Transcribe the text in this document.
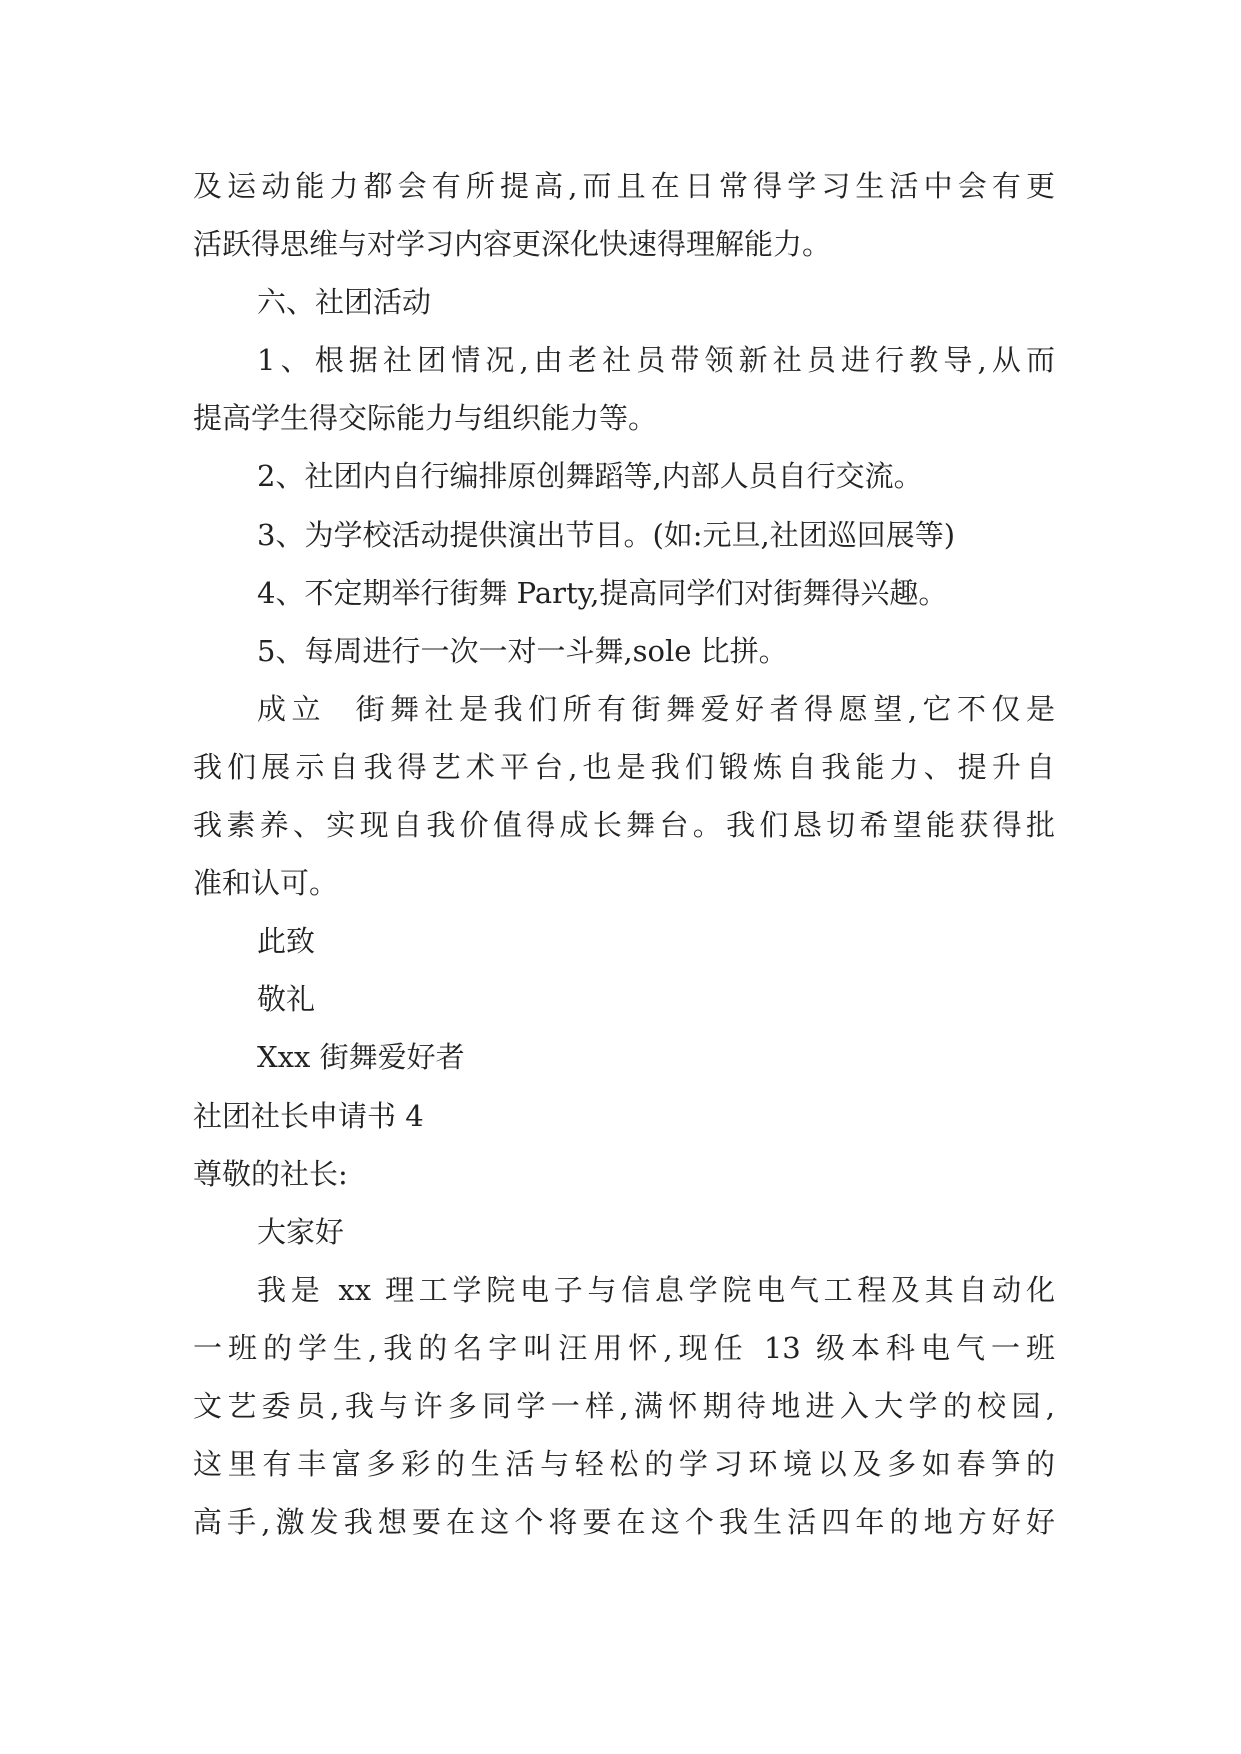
及运动能力都会有所提高,而且在日常得学习生活中会有更
活跃得思维与对学习内容更深化快速得理解能力。
六、社团活动
1、根据社团情况,由老社员带领新社员进行教导,从而
提高学生得交际能力与组织能力等。
2、社团内自行编排原创舞蹈等,内部人员自行交流。
3、为学校活动提供演出节目。(如:元旦,社团巡回展等)
4、不定期举行街舞 Party,提高同学们对街舞得兴趣。
5、每周进行一次一对一斗舞,sole 比拼。
成立  街舞社是我们所有街舞爱好者得愿望,它不仅是
我们展示自我得艺术平台,也是我们锻炼自我能力、提升自
我素养、实现自我价值得成长舞台。我们恳切希望能获得批
准和认可。
此致
敬礼
Xxx 街舞爱好者
社团社长申请书 4
尊敬的社长:
大家好
我是 xx 理工学院电子与信息学院电气工程及其自动化
一班的学生,我的名字叫汪用怀,现任 13 级本科电气一班
文艺委员,我与许多同学一样,满怀期待地进入大学的校园,
这里有丰富多彩的生活与轻松的学习环境以及多如春笋的
高手,激发我想要在这个将要在这个我生活四年的地方好好
